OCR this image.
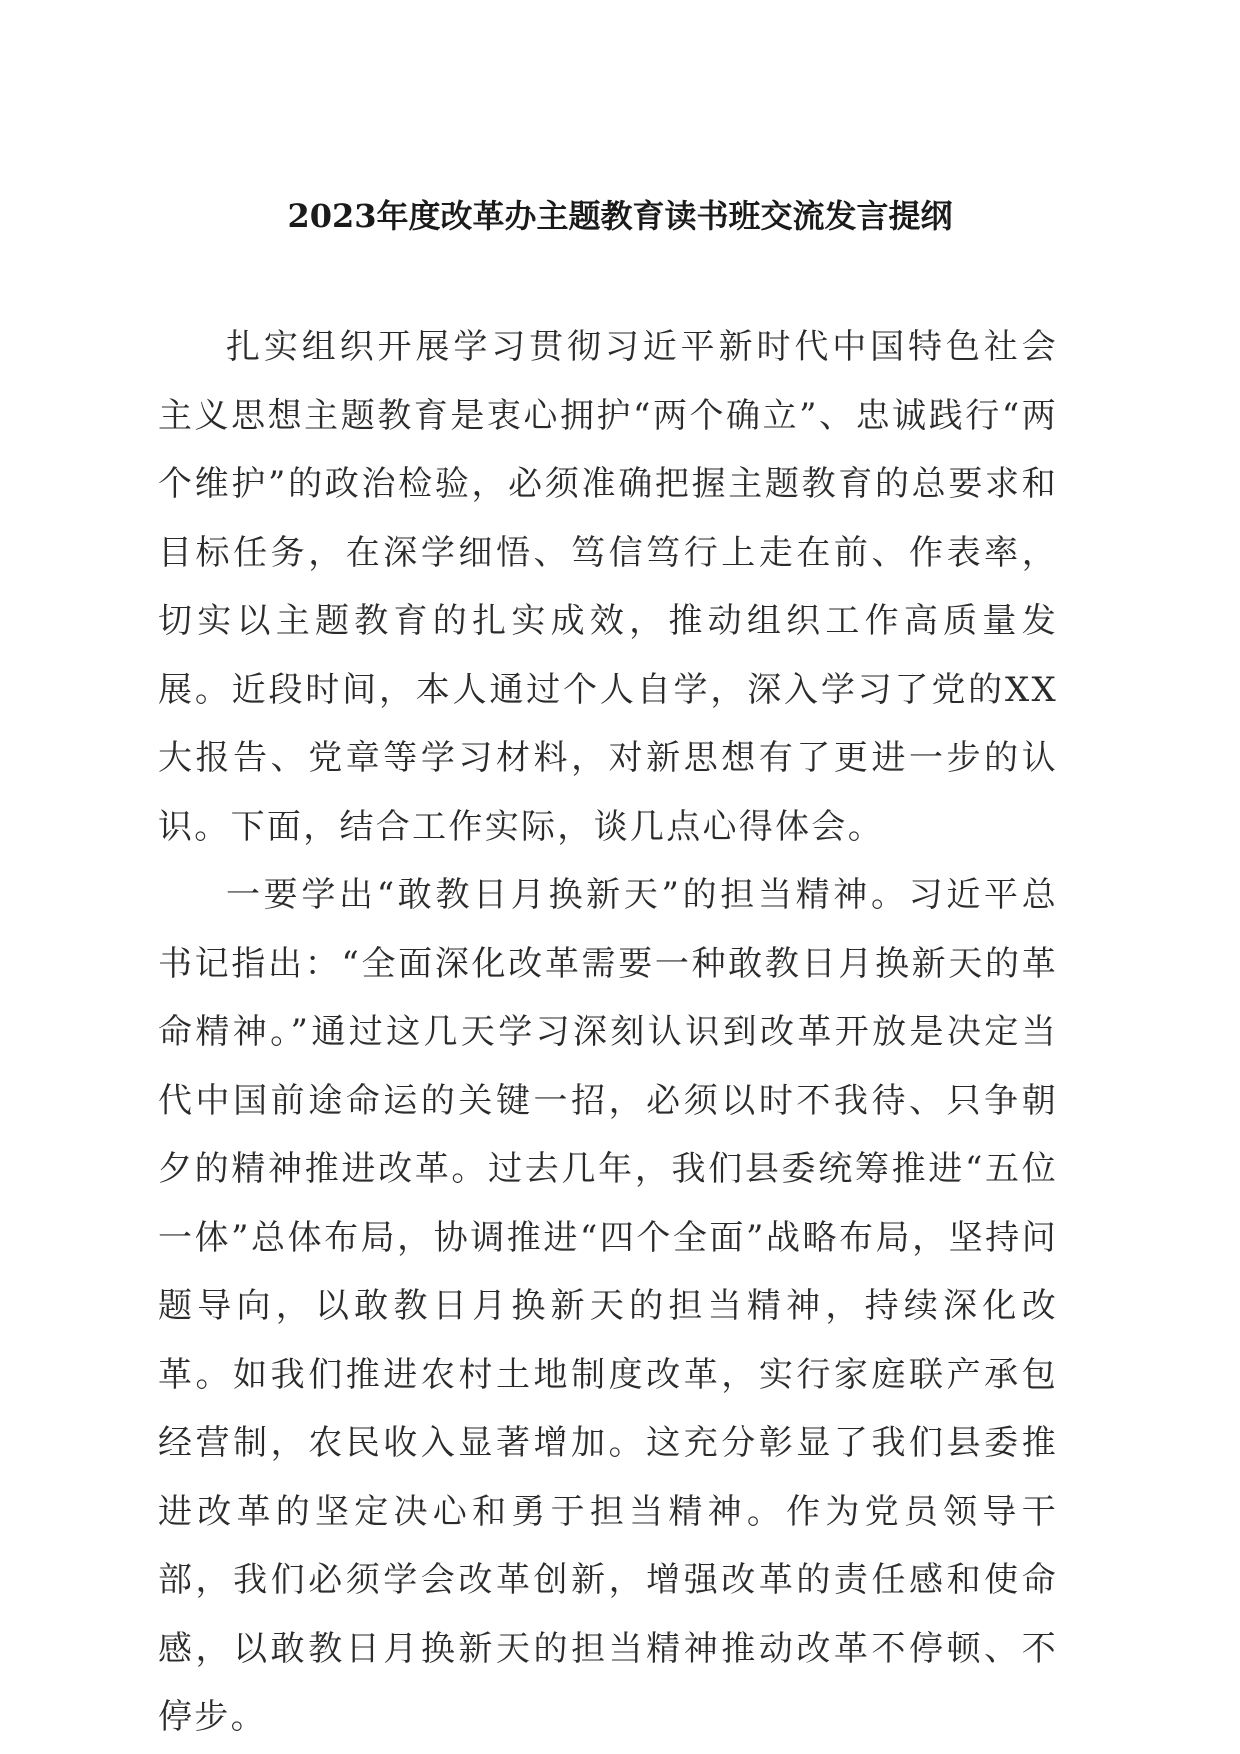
2023年度改革办主题教育读书班交流发言提纲

扎实组织开展学习贯彻习近平新时代中国特色社会主义思想主题教育是衷心拥护“两个确立”、忠诚践行“两个维护”的政治检验，必须准确把握主题教育的总要求和目标任务，在深学细悟、笃信笃行上走在前、作表率，切实以主题教育的扎实成效，推动组织工作高质量发展。近段时间，本人通过个人自学，深入学习了党的XX大报告、党章等学习材料，对新思想有了更进一步的认识。下面，结合工作实际，谈几点心得体会。

一要学出“敢教日月换新天”的担当精神。习近平总书记指出：“全面深化改革需要一种敢教日月换新天的革命精神。”通过这几天学习深刻认识到改革开放是决定当代中国前途命运的关键一招，必须以时不我待、只争朝夕的精神推进改革。过去几年，我们县委统筹推进“五位一体”总体布局，协调推进“四个全面”战略布局，坚持问题导向，以敢教日月换新天的担当精神，持续深化改革。如我们推进农村土地制度改革，实行家庭联产承包经营制，农民收入显著增加。这充分彰显了我们县委推进改革的坚定决心和勇于担当精神。作为党员领导干部，我们必须学会改革创新，增强改革的责任感和使命感，以敢教日月换新天的担当精神推动改革不停顿、不停步。
